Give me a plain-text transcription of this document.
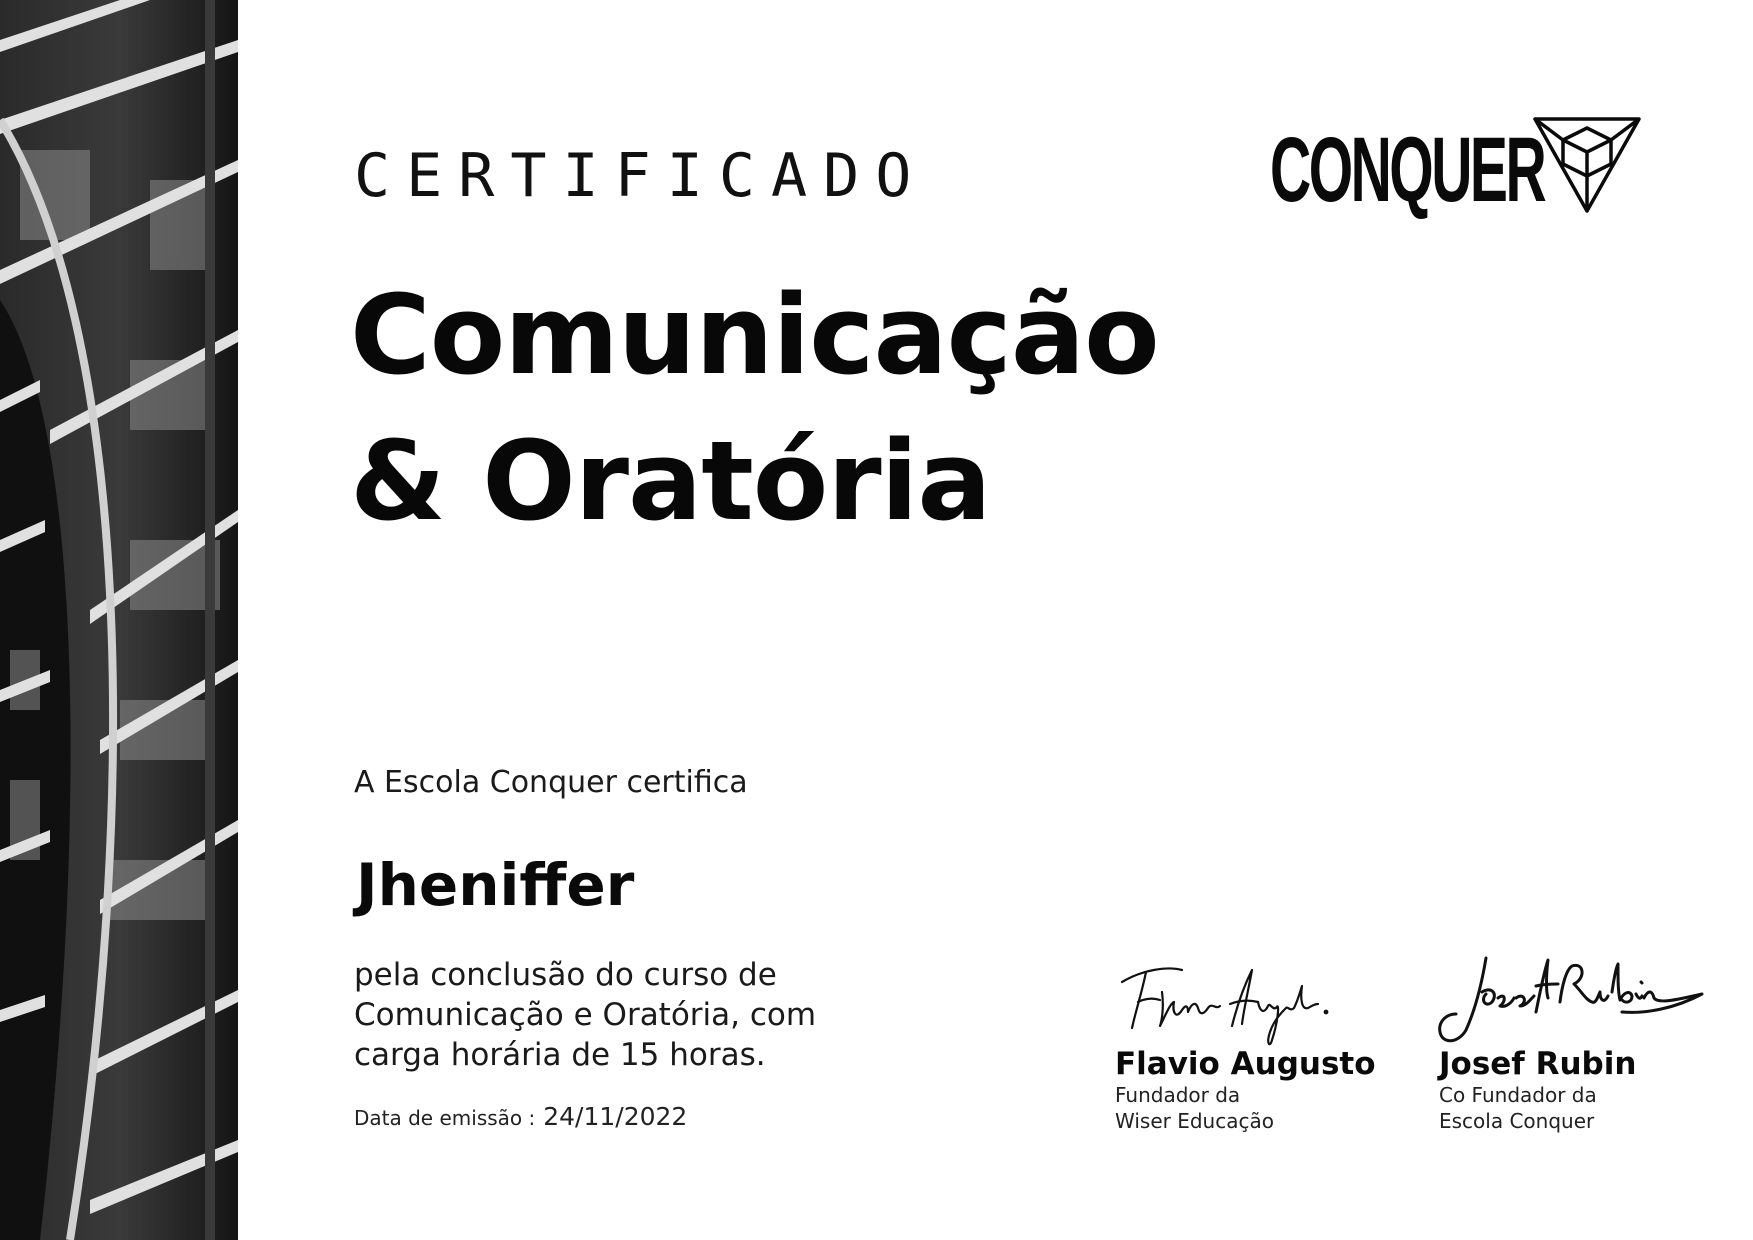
CERTIFICADO
Comunicação
& Oratória
CONQUER
A Escola Conquer certifica
Jheniffer
pela conclusão do curso de
Comunicação e Oratória, com
carga horária de 15 horas.
Data de emissão : 24/11/2022
Flavio Augusto
Fundador da
Wiser Educação
Josef Rubin
Co Fundador da
Escola Conquer
